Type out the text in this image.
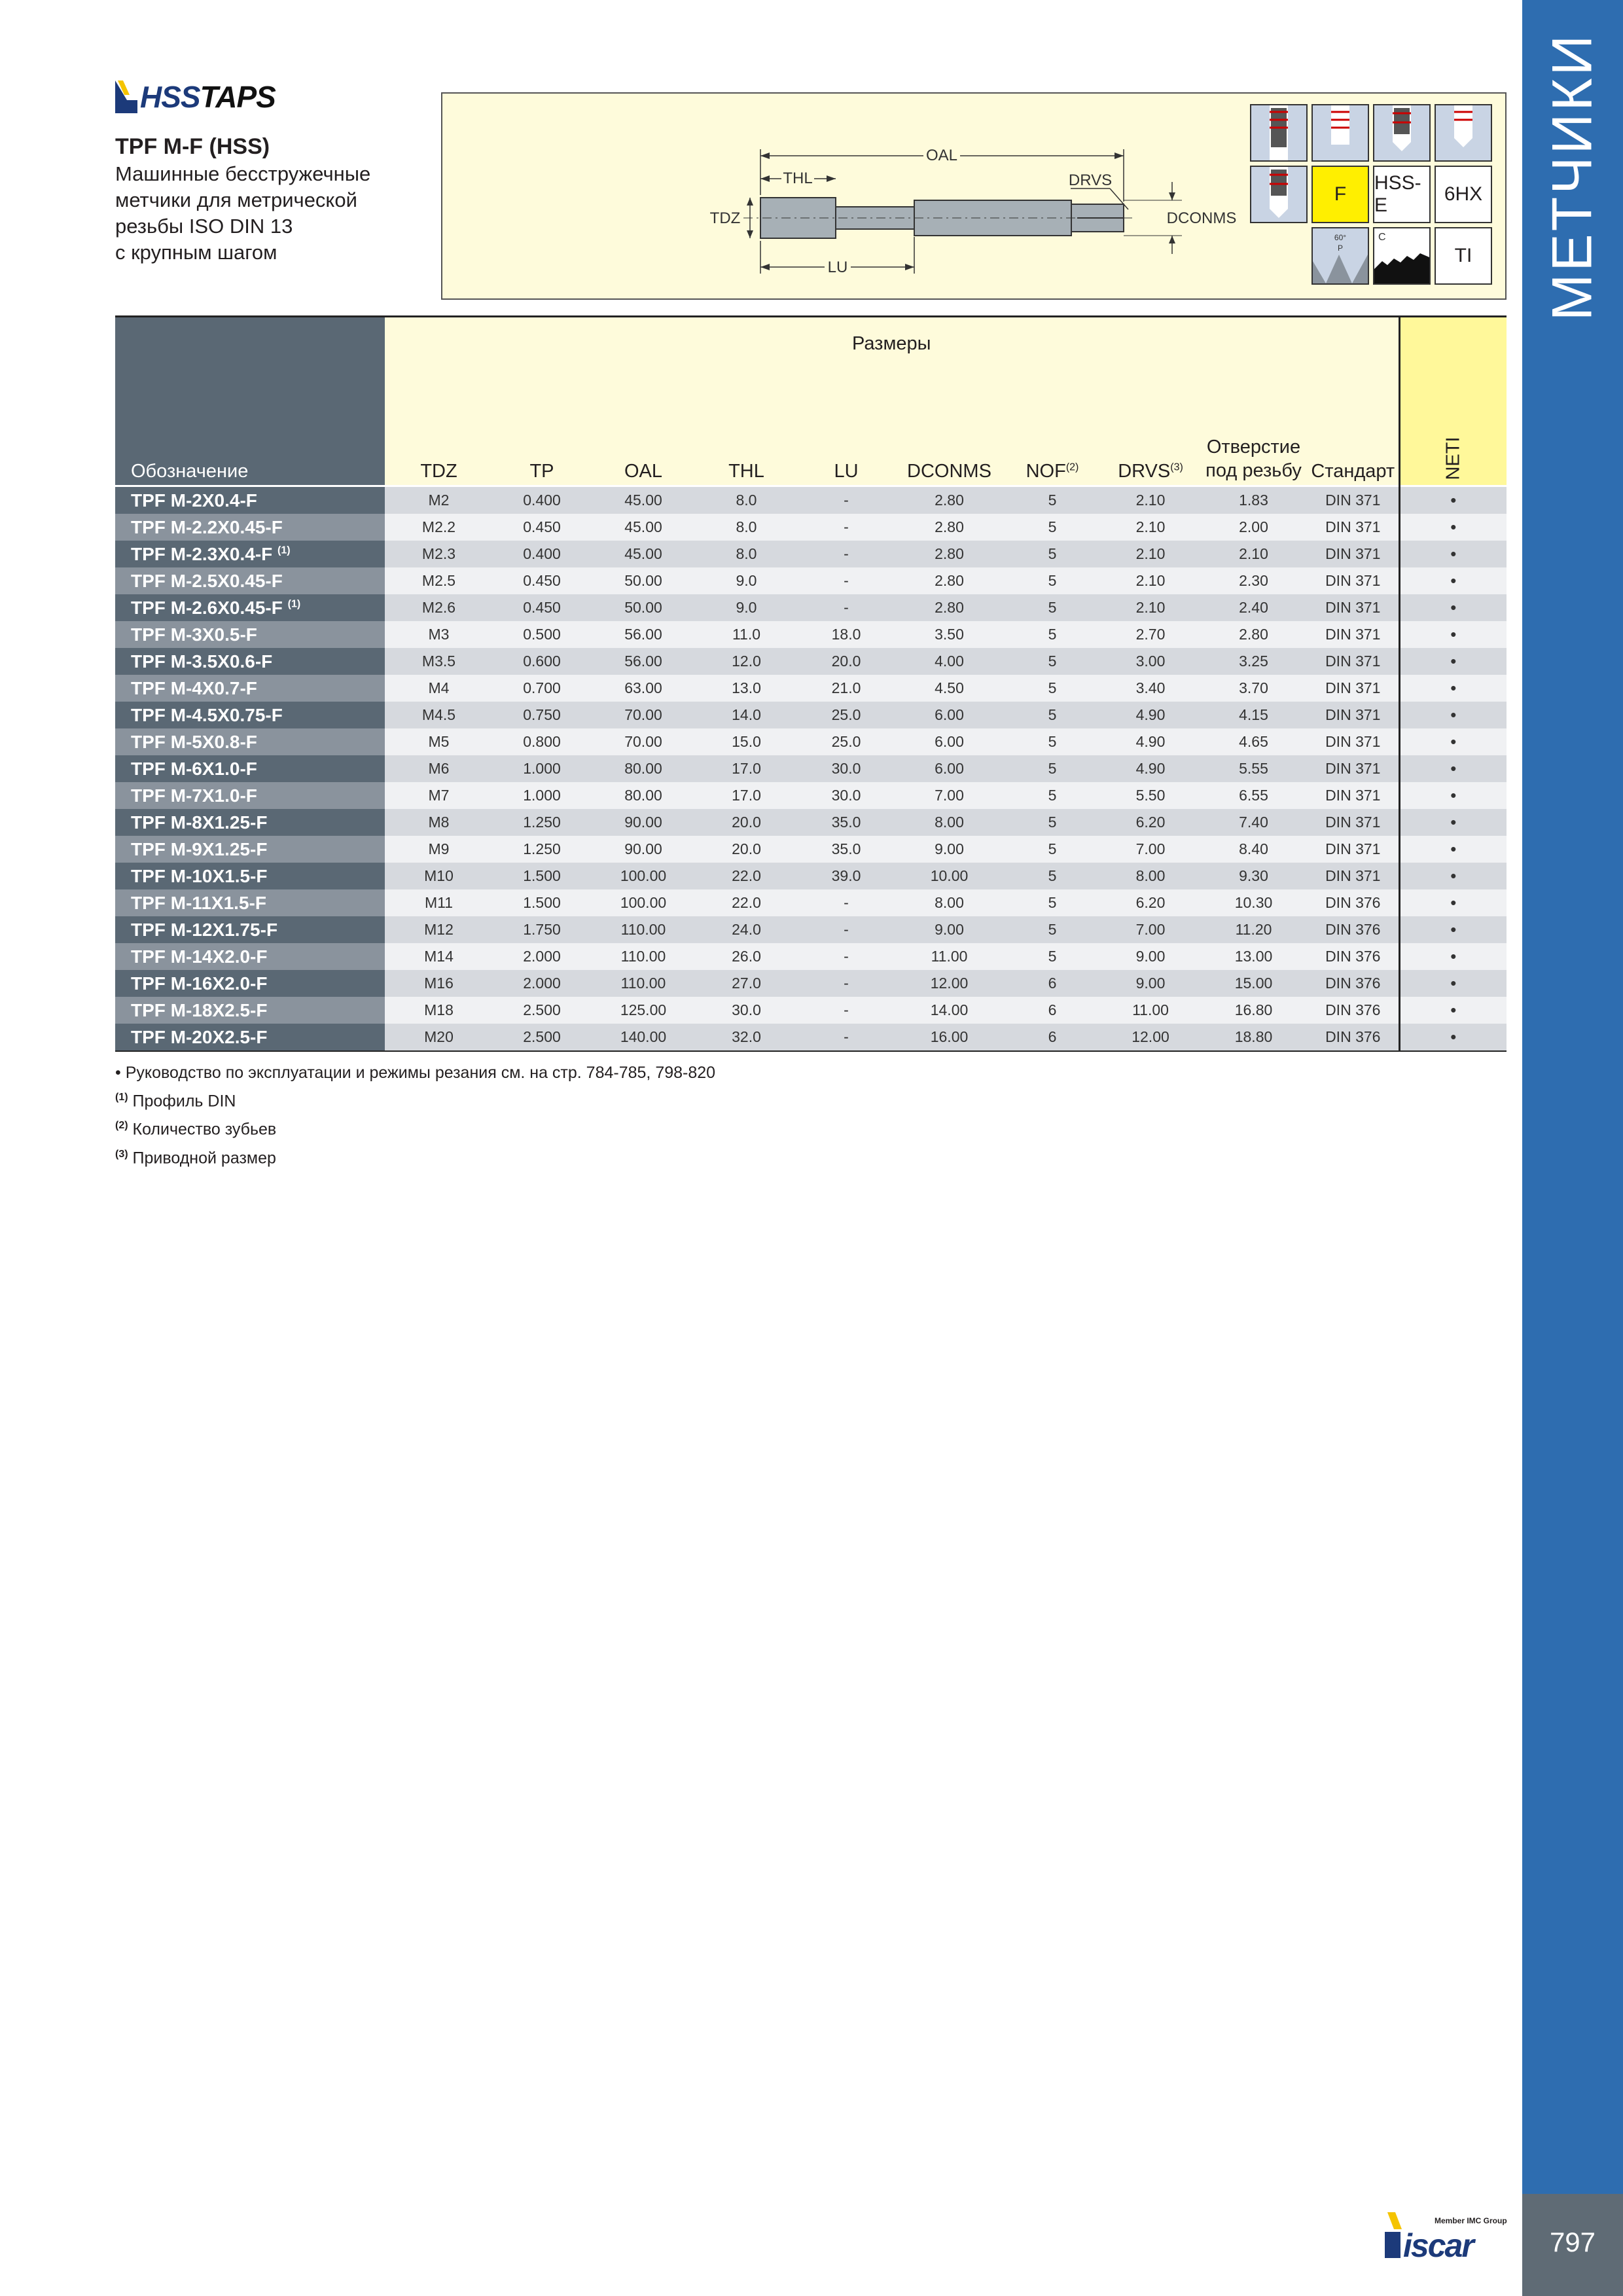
HSSTAPS
TPF M-F (HSS)
Машинные бесстружечные
метчики для метрической
резьбы ISO DIN 13
с крупным шагом
OAL
THL	DRVS
TDZ	DCONMS
LU
F
HSS-E
6HX
60°
P
C
TI
Обозначение	Размеры										NETI
	TDZ	TP	OAL	THL	LU	DCONMS	NOF$^{(2)}$	DRVS$^{(3)}$	Отверстие
под резьбу	Стандарт	
TPF M-2X0.4-F	M2	0.400	45.00	8.0	-	2.80	5	2.10	1.83	DIN 371	•
TPF M-2.2X0.45-F	M2.2	0.450	45.00	8.0	-	2.80	5	2.10	2.00	DIN 371	•
TPF M-2.3X0.4-F $^{(1)}$	M2.3	0.400	45.00	8.0	-	2.80	5	2.10	2.10	DIN 371	•
TPF M-2.5X0.45-F	M2.5	0.450	50.00	9.0	-	2.80	5	2.10	2.30	DIN 371	•
TPF M-2.6X0.45-F $^{(1)}$	M2.6	0.450	50.00	9.0	-	2.80	5	2.10	2.40	DIN 371	•
TPF M-3X0.5-F	M3	0.500	56.00	11.0	18.0	3.50	5	2.70	2.80	DIN 371	•
TPF M-3.5X0.6-F	M3.5	0.600	56.00	12.0	20.0	4.00	5	3.00	3.25	DIN 371	•
TPF M-4X0.7-F	M4	0.700	63.00	13.0	21.0	4.50	5	3.40	3.70	DIN 371	•
TPF M-4.5X0.75-F	M4.5	0.750	70.00	14.0	25.0	6.00	5	4.90	4.15	DIN 371	•
TPF M-5X0.8-F	M5	0.800	70.00	15.0	25.0	6.00	5	4.90	4.65	DIN 371	•
TPF M-6X1.0-F	M6	1.000	80.00	17.0	30.0	6.00	5	4.90	5.55	DIN 371	•
TPF M-7X1.0-F	M7	1.000	80.00	17.0	30.0	7.00	5	5.50	6.55	DIN 371	•
TPF M-8X1.25-F	M8	1.250	90.00	20.0	35.0	8.00	5	6.20	7.40	DIN 371	•
TPF M-9X1.25-F	M9	1.250	90.00	20.0	35.0	9.00	5	7.00	8.40	DIN 371	•
TPF M-10X1.5-F	M10	1.500	100.00	22.0	39.0	10.00	5	8.00	9.30	DIN 371	•
TPF M-11X1.5-F	M11	1.500	100.00	22.0	-	8.00	5	6.20	10.30	DIN 376	•
TPF M-12X1.75-F	M12	1.750	110.00	24.0	-	9.00	5	7.00	11.20	DIN 376	•
TPF M-14X2.0-F	M14	2.000	110.00	26.0	-	11.00	5	9.00	13.00	DIN 376	•
TPF M-16X2.0-F	M16	2.000	110.00	27.0	-	12.00	6	9.00	15.00	DIN 376	•
TPF M-18X2.5-F	M18	2.500	125.00	30.0	-	14.00	6	11.00	16.80	DIN 376	•
TPF M-20X2.5-F	M20	2.500	140.00	32.0	-	16.00	6	12.00	18.80	DIN 376	•
• Руководство по эксплуатации и режимы резания см. на стр. 784-785, 798-820
$^{(1)}$ Профиль DIN
$^{(2)}$ Количество зубьев
$^{(3)}$ Приводной размер
МЕТЧИКИ
797
Member IMC Group
iscar
